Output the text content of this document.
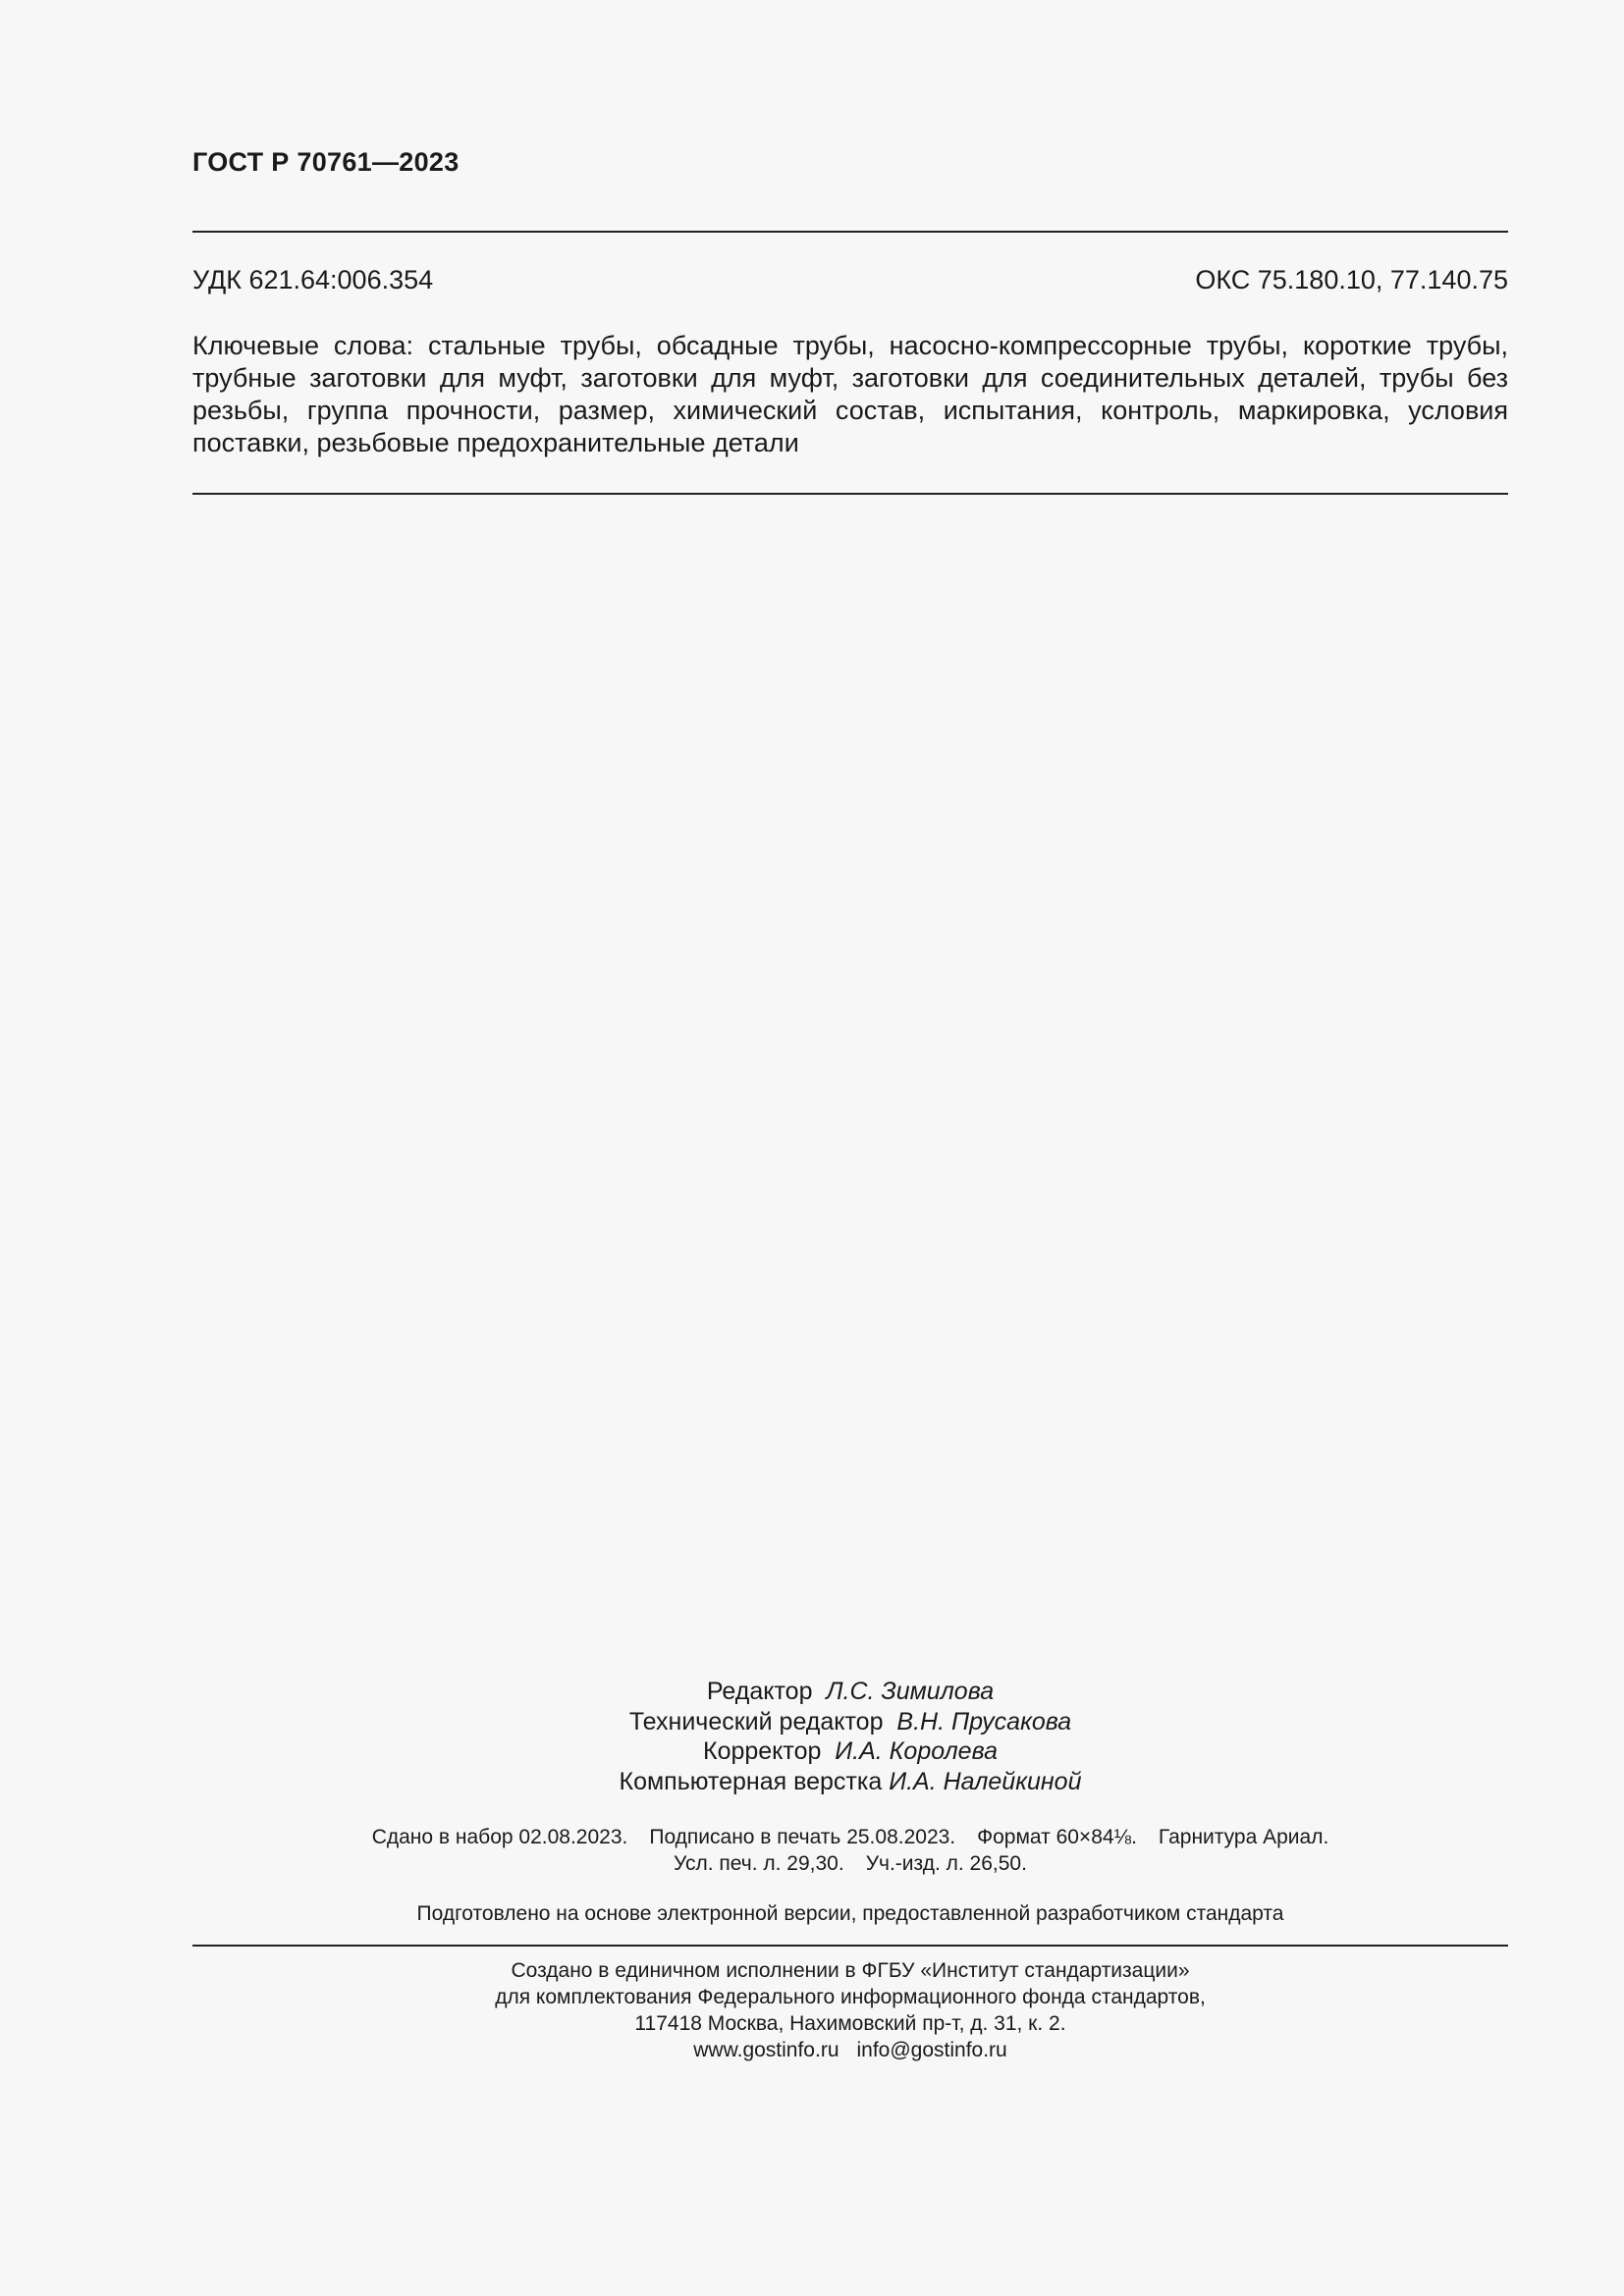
ГОСТ Р 70761—2023
УДК 621.64:006.354	ОКС 75.180.10, 77.140.75
Ключевые слова: стальные трубы, обсадные трубы, насосно-компрессорные трубы, короткие трубы, трубные заготовки для муфт, заготовки для муфт, заготовки для соединительных деталей, трубы без резьбы, группа прочности, размер, химический состав, испытания, контроль, маркировка, условия поставки, резьбовые предохранительные детали
Редактор Л.С. Зимилова
Технический редактор В.Н. Прусакова
Корректор И.А. Королева
Компьютерная верстка И.А. Налейкиной
Сдано в набор 02.08.2023. Подписано в печать 25.08.2023. Формат 60×84⅛. Гарнитура Ариал.
Усл. печ. л. 29,30. Уч.-изд. л. 26,50.
Подготовлено на основе электронной версии, предоставленной разработчиком стандарта
Создано в единичном исполнении в ФГБУ «Институт стандартизации»
для комплектования Федерального информационного фонда стандартов,
117418 Москва, Нахимовский пр-т, д. 31, к. 2.
www.gostinfo.ru info@gostinfo.ru
